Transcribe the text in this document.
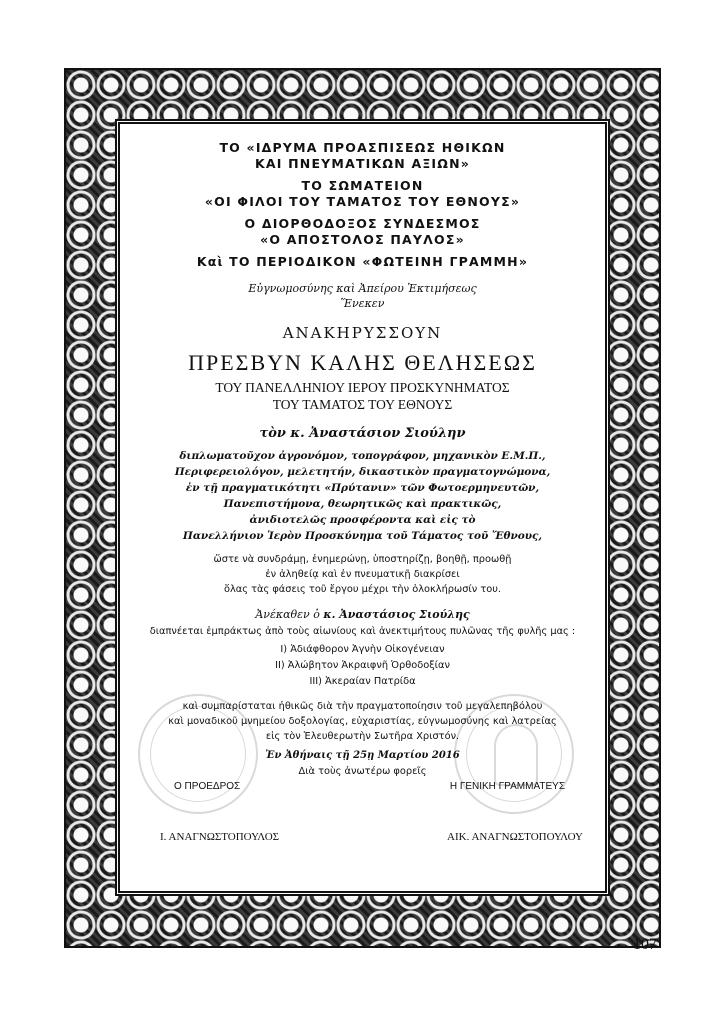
ΤΟ «ΙΔΡΥΜΑ ΠΡΟΑΣΠΙΣΕΩΣ ΗΘΙΚΩΝ
ΚΑΙ ΠΝΕΥΜΑΤΙΚΩΝ ΑΞΙΩΝ»
ΤΟ ΣΩΜΑΤΕΙΟΝ
«ΟΙ ΦΙΛΟΙ ΤΟΥ ΤΑΜΑΤΟΣ ΤΟΥ ΕΘΝΟΥΣ»
Ο ΔΙΟΡΘΟΔΟΞΟΣ ΣΥΝΔΕΣΜΟΣ
«Ο ΑΠΟΣΤΟΛΟΣ ΠΑΥΛΟΣ»
Καὶ ΤΟ ΠΕΡΙΟΔΙΚΟΝ «ΦΩΤΕΙΝΗ ΓΡΑΜΜΗ»
Εὐγνωμοσύνης καὶ Ἀπείρου Ἐκτιμήσεως
Ἕνεκεν
ΑΝΑΚΗΡΥΣΣΟΥΝ
ΠΡΕΣΒΥΝ ΚΑΛΗΣ ΘΕΛΗΣΕΩΣ
ΤΟΥ ΠΑΝΕΛΛΗΝΙΟΥ ΙΕΡΟΥ ΠΡΟΣΚΥΝΗΜΑΤΟΣ
ΤΟΥ ΤΑΜΑΤΟΣ ΤΟΥ ΕΘΝΟΥΣ
τὸν κ. Ἀναστάσιον Σιούλην
διπλωματοῦχον ἀγρονόμον, τοπογράφον, μηχανικὸν Ε.Μ.Π.,
Περιφερειολόγον, μελετητήν, δικαστικὸν πραγματογνώμονα,
ἐν τῇ πραγματικότητι «Πρύτανιν» τῶν Φωτοερμηνευτῶν,
Πανεπιστήμονα, θεωρητικῶς καὶ πρακτικῶς,
ἀνιδιοτελῶς προσφέροντα καὶ εἰς τὸ
Πανελλήνιον Ἱερὸν Προσκύνημα τοῦ Τάματος τοῦ Ἔθνους,
ὥστε νὰ συνδράμῃ, ἐνημερώνῃ, ὑποστηρίζῃ, βοηθῇ, προωθῇ
ἐν ἀληθείᾳ καὶ ἐν πνευματικῇ διακρίσει
ὅλας τὰς φάσεις τοῦ ἔργου μέχρι τὴν ὁλοκλήρωσίν του.
Ἀνέκαθεν ὁ κ. Ἀναστάσιος Σιούλης
διαπνέεται ἐμπράκτως ἀπὸ τοὺς αἰωνίους καὶ ἀνεκτιμήτους πυλῶνας τῆς φυλῆς μας :
I) Ἀδιάφθορον Ἀγνὴν Οἰκογένειαν
II) Ἀλώβητον Ἀκραιφνῆ Ὀρθοδοξίαν
III) Ἀκεραίαν Πατρίδα
καὶ συμπαρίσταται ἠθικῶς διὰ τὴν πραγματοποίησιν τοῦ μεγαλεπηβόλου
καὶ μοναδικοῦ μνημείου δοξολογίας, εὐχαριστίας, εὐγνωμοσύνης καὶ λατρείας
εἰς τὸν Ἐλευθερωτὴν Σωτῆρα Χριστόν.
Ἐν Ἀθήναις τῇ 25ῃ Μαρτίου 2016
Διὰ τοὺς ἀνωτέρω φορεῖς
Ο ΠΡΟΕΔΡΟΣ	Η ΓΕΝΙΚΗ ΓΡΑΜΜΑΤΕΥΣ
Ι. ΑΝΑΓΝΩΣΤΟΠΟΥΛΟΣ	ΑΙΚ. ΑΝΑΓΝΩΣΤΟΠΟΥΛΟΥ
107
